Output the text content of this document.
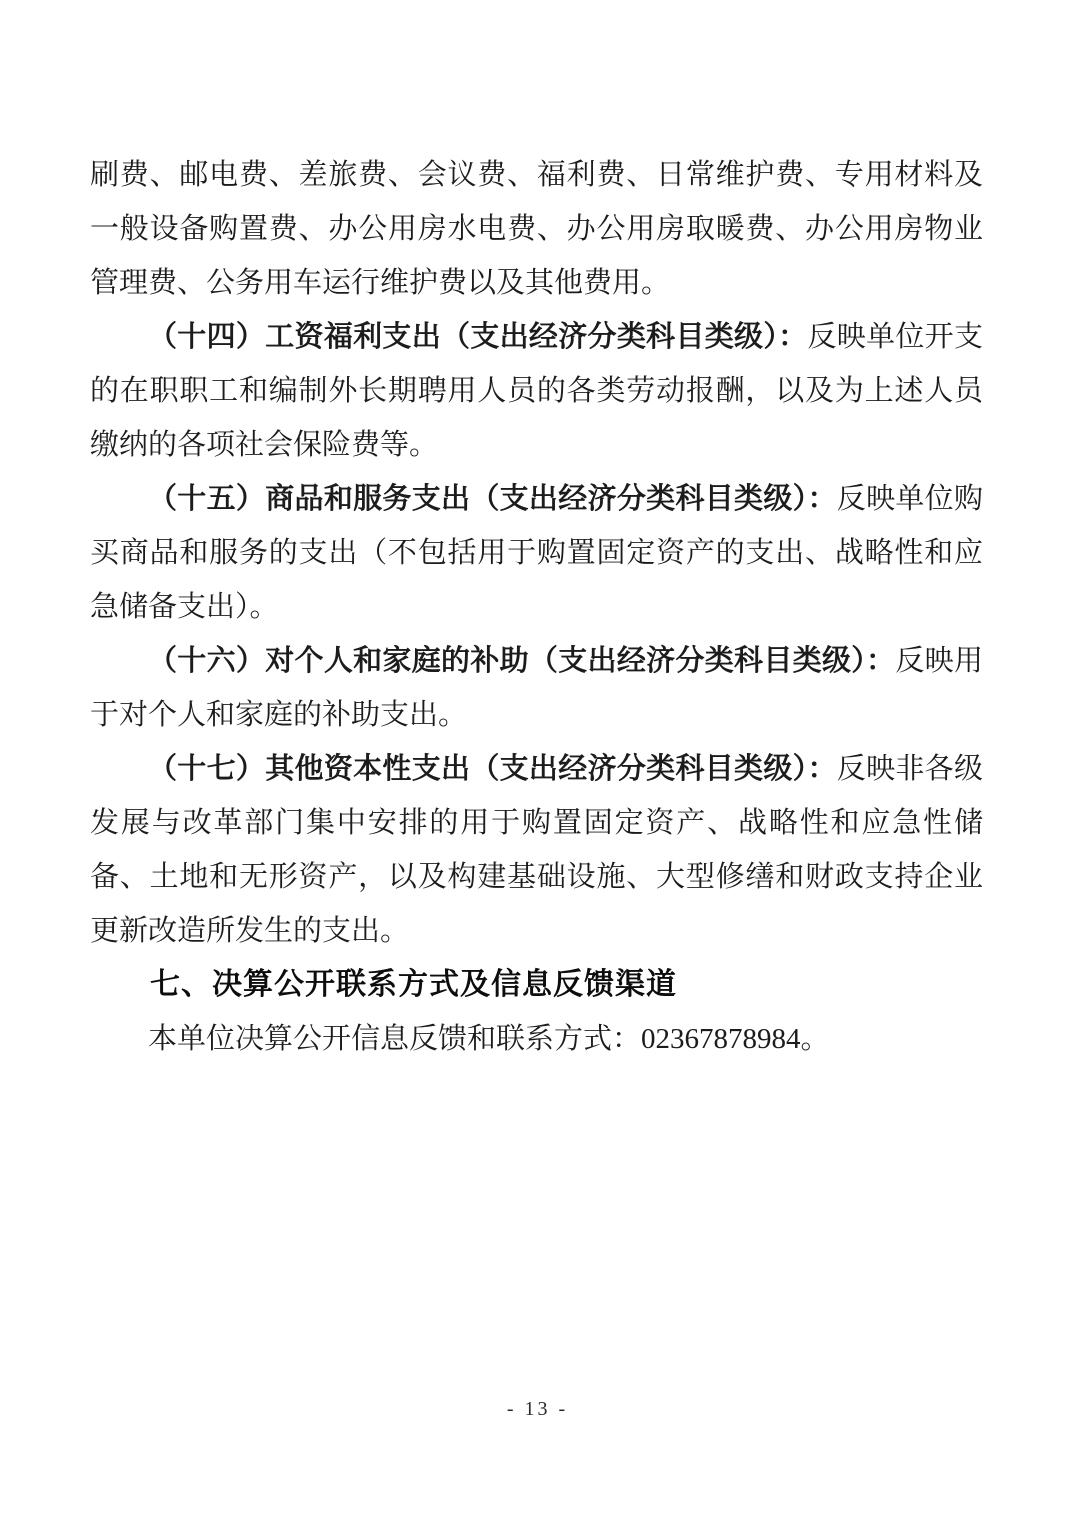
刷费、邮电费、差旅费、会议费、福利费、日常维护费、专用材料及一般设备购置费、办公用房水电费、办公用房取暖费、办公用房物业管理费、公务用车运行维护费以及其他费用。

（十四）工资福利支出（支出经济分类科目类级）：反映单位开支的在职职工和编制外长期聘用人员的各类劳动报酬，以及为上述人员缴纳的各项社会保险费等。

（十五）商品和服务支出（支出经济分类科目类级）：反映单位购买商品和服务的支出（不包括用于购置固定资产的支出、战略性和应急储备支出）。

（十六）对个人和家庭的补助（支出经济分类科目类级）：反映用于对个人和家庭的补助支出。

（十七）其他资本性支出（支出经济分类科目类级）：反映非各级发展与改革部门集中安排的用于购置固定资产、战略性和应急性储备、土地和无形资产，以及构建基础设施、大型修缮和财政支持企业更新改造所发生的支出。

七、决算公开联系方式及信息反馈渠道

本单位决算公开信息反馈和联系方式：02367878984。

- 13 -
